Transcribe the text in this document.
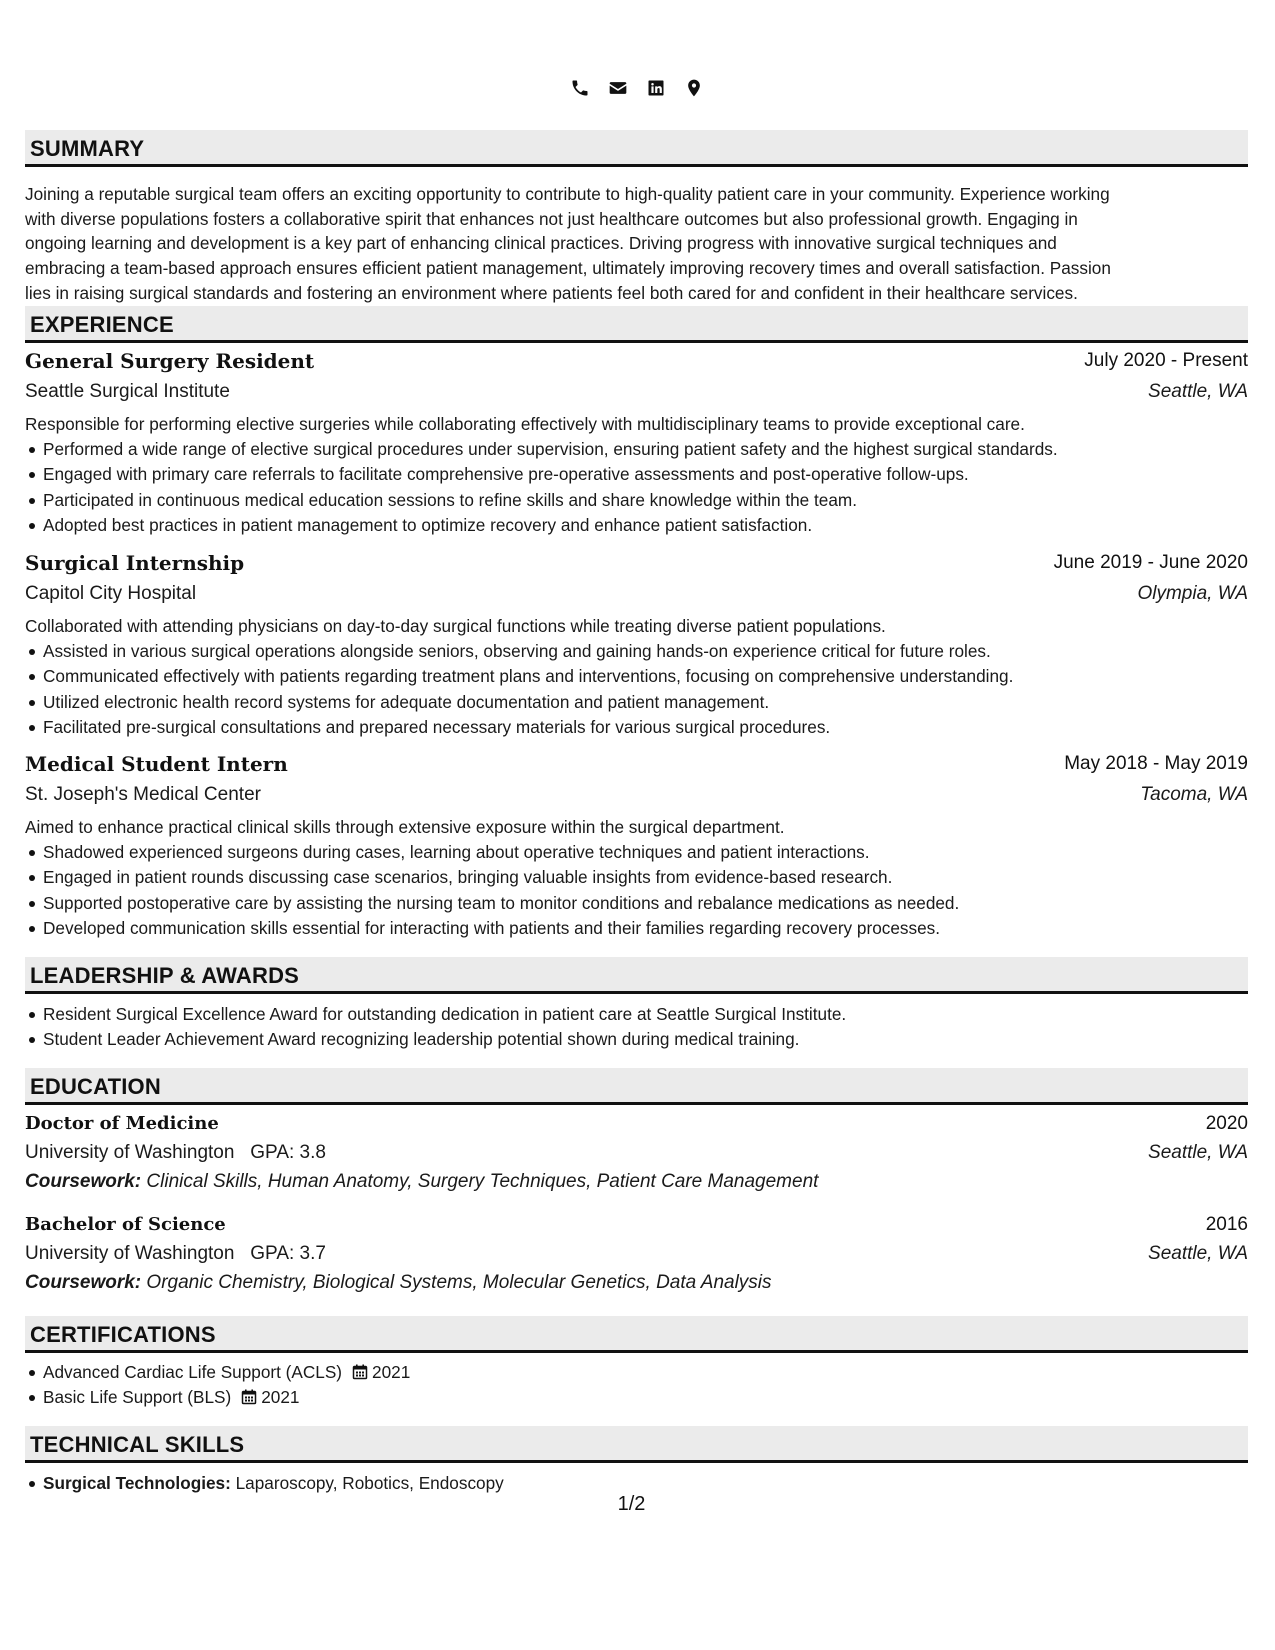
SUMMARY
Joining a reputable surgical team offers an exciting opportunity to contribute to high-quality patient care in your community. Experience working
with diverse populations fosters a collaborative spirit that enhances not just healthcare outcomes but also professional growth. Engaging in
ongoing learning and development is a key part of enhancing clinical practices. Driving progress with innovative surgical techniques and
embracing a team-based approach ensures efficient patient management, ultimately improving recovery times and overall satisfaction. Passion
lies in raising surgical standards and fostering an environment where patients feel both cared for and confident in their healthcare services.
EXPERIENCE
General Surgery Resident	July 2020 - Present
Seattle Surgical Institute	Seattle, WA
Responsible for performing elective surgeries while collaborating effectively with multidisciplinary teams to provide exceptional care.
Performed a wide range of elective surgical procedures under supervision, ensuring patient safety and the highest surgical standards.
Engaged with primary care referrals to facilitate comprehensive pre-operative assessments and post-operative follow-ups.
Participated in continuous medical education sessions to refine skills and share knowledge within the team.
Adopted best practices in patient management to optimize recovery and enhance patient satisfaction.
Surgical Internship	June 2019 - June 2020
Capitol City Hospital	Olympia, WA
Collaborated with attending physicians on day-to-day surgical functions while treating diverse patient populations.
Assisted in various surgical operations alongside seniors, observing and gaining hands-on experience critical for future roles.
Communicated effectively with patients regarding treatment plans and interventions, focusing on comprehensive understanding.
Utilized electronic health record systems for adequate documentation and patient management.
Facilitated pre-surgical consultations and prepared necessary materials for various surgical procedures.
Medical Student Intern	May 2018 - May 2019
St. Joseph's Medical Center	Tacoma, WA
Aimed to enhance practical clinical skills through extensive exposure within the surgical department.
Shadowed experienced surgeons during cases, learning about operative techniques and patient interactions.
Engaged in patient rounds discussing case scenarios, bringing valuable insights from evidence-based research.
Supported postoperative care by assisting the nursing team to monitor conditions and rebalance medications as needed.
Developed communication skills essential for interacting with patients and their families regarding recovery processes.
LEADERSHIP & AWARDS
Resident Surgical Excellence Award for outstanding dedication in patient care at Seattle Surgical Institute.
Student Leader Achievement Award recognizing leadership potential shown during medical training.
EDUCATION
Doctor of Medicine	2020
University of Washington GPA: 3.8	Seattle, WA
Coursework: Clinical Skills, Human Anatomy, Surgery Techniques, Patient Care Management
Bachelor of Science	2016
University of Washington GPA: 3.7	Seattle, WA
Coursework: Organic Chemistry, Biological Systems, Molecular Genetics, Data Analysis
CERTIFICATIONS
Advanced Cardiac Life Support (ACLS) 2021
Basic Life Support (BLS) 2021
TECHNICAL SKILLS
Surgical Technologies: Laparoscopy, Robotics, Endoscopy
1/2
